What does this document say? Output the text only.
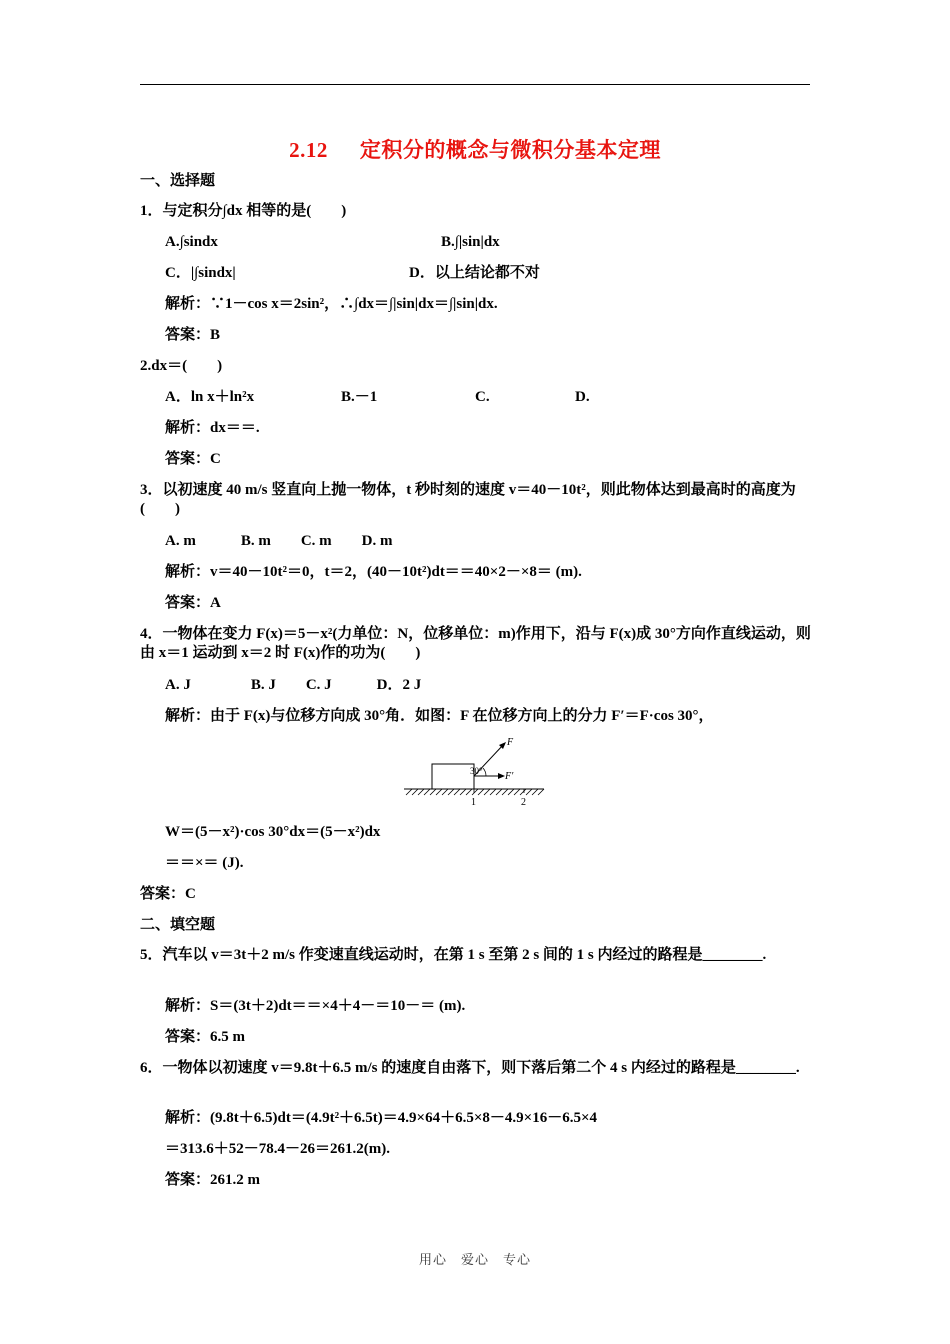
2.12 定积分的概念与微积分基本定理
一、选择题
1．与定积分∫dx 相等的是(　　)
A.∫sindx	B.∫|sin|dx
C．|∫sindx|	D．以上结论都不对
解析：∵1－cos x＝2sin²，∴∫dx＝∫|sin|dx＝∫|sin|dx.
答案：B
2.dx＝(　　)
A．ln x＋ln²x	B.－1	C.	D.
解析：dx＝＝.
答案：C
3．以初速度 40 m/s 竖直向上抛一物体，t 秒时刻的速度 v＝40－10t²，则此物体达到最高时的高度为(　　)
A. m　　　B. m　　C. m　　D. m
解析：v＝40－10t²＝0，t＝2，(40－10t²)dt＝＝40×2－×8＝ (m).
答案：A
4．一物体在变力 F(x)＝5－x²(力单位：N，位移单位：m)作用下，沿与 F(x)成 30°方向作直线运动，则由 x＝1 运动到 x＝2 时 F(x)作的功为(　　)
A. J　　　　B. J　　C. J　　　D．2 J
解析：由于 F(x)与位移方向成 30°角．如图：F 在位移方向上的分力 F′＝F·cos 30°，
F
F′
30°
1	2
W＝(5－x²)·cos 30°dx＝(5－x²)dx
＝＝×＝ (J).
答案：C
二、填空题
5．汽车以 v＝3t＋2 m/s 作变速直线运动时，在第 1 s 至第 2 s 间的 1 s 内经过的路程是________.
解析：S＝(3t＋2)dt＝＝×4＋4－＝10－＝ (m).
答案：6.5 m
6．一物体以初速度 v＝9.8t＋6.5 m/s 的速度自由落下，则下落后第二个 4 s 内经过的路程是________.
解析：(9.8t＋6.5)dt＝(4.9t²＋6.5t)＝4.9×64＋6.5×8－4.9×16－6.5×4
＝313.6＋52－78.4－26＝261.2(m).
答案：261.2 m
用心　爱心　专心
